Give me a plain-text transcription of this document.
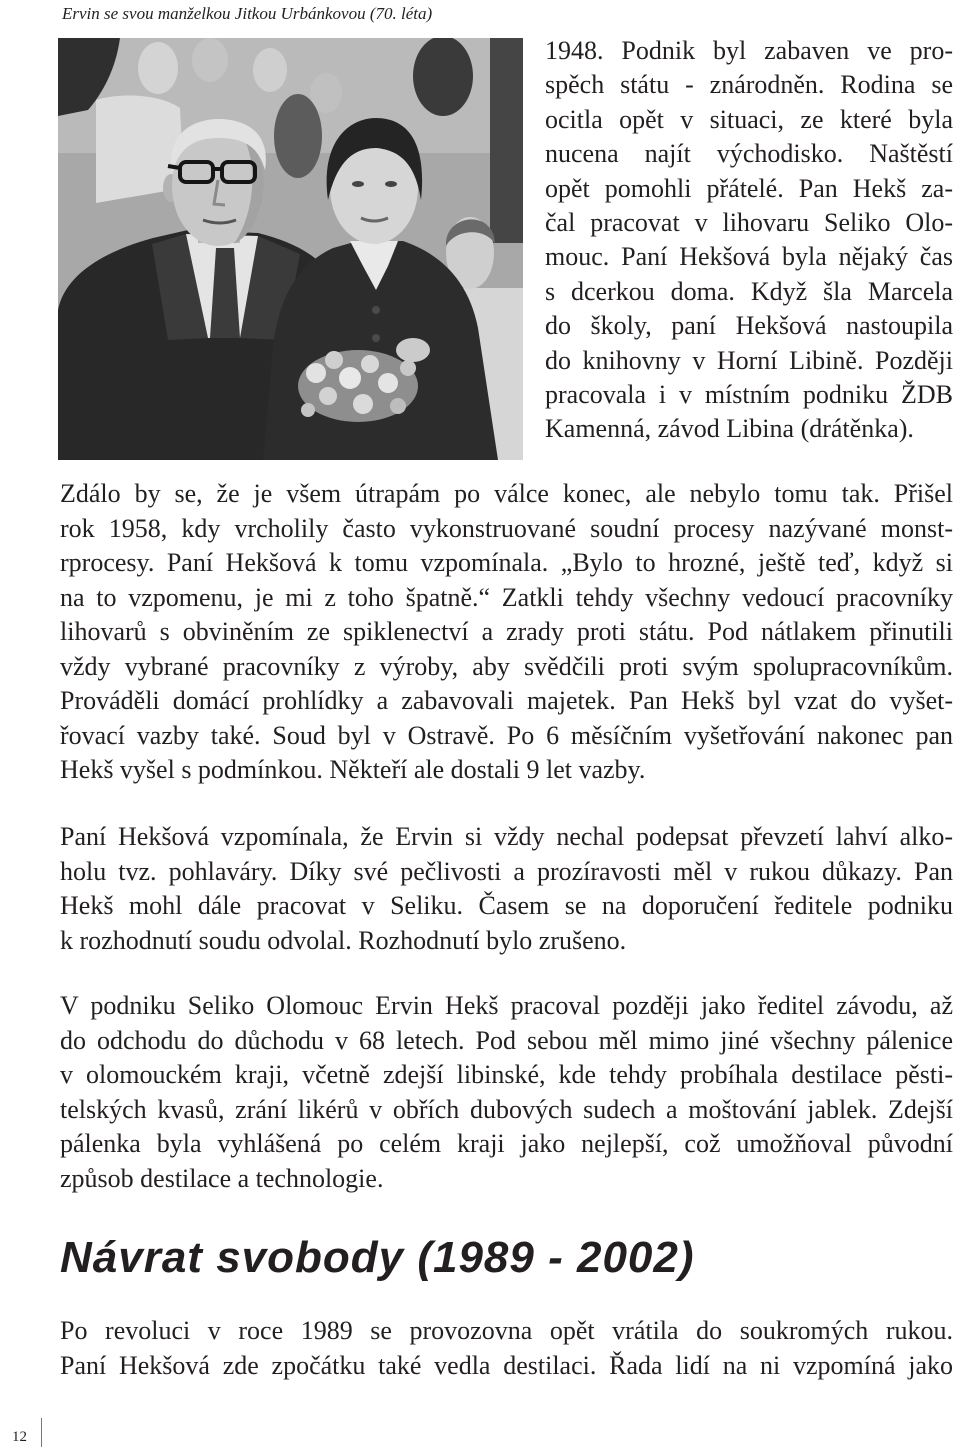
Ervin se svou manželkou Jitkou Urbánkovou (70. léta)
1948. Podnik byl zabaven ve pro-
spěch státu - znárodněn. Rodina se
ocitla opět v situaci, ze které byla
nucena najít východisko. Naštěstí
opět pomohli přátelé. Pan Hekš za-
čal pracovat v lihovaru Seliko Olo-
mouc. Paní Hekšová byla nějaký čas
s dcerkou doma. Když šla Marcela
do školy, paní Hekšová nastoupila
do knihovny v Horní Libině. Později
pracovala i v místním podniku ŽDB
Kamenná, závod Libina (drátěnka).
Zdálo by se, že je všem útrapám po válce konec, ale nebylo tomu tak. Přišel
rok 1958, kdy vrcholily často vykonstruované soudní procesy nazývané monst-
rprocesy. Paní Hekšová k tomu vzpomínala. „Bylo to hrozné, ještě teď, když si
na to vzpomenu, je mi z toho špatně.“ Zatkli tehdy všechny vedoucí pracovníky
lihovarů s obviněním ze spiklenectví a zrady proti státu. Pod nátlakem přinutili
vždy vybrané pracovníky z výroby, aby svědčili proti svým spolupracovníkům.
Prováděli domácí prohlídky a zabavovali majetek. Pan Hekš byl vzat do vyšet-
řovací vazby také. Soud byl v Ostravě. Po 6 měsíčním vyšetřování nakonec pan
Hekš vyšel s podmínkou. Někteří ale dostali 9 let vazby.
Paní Hekšová vzpomínala, že Ervin si vždy nechal podepsat převzetí lahví alko-
holu tvz. pohlaváry. Díky své pečlivosti a prozíravosti měl v rukou důkazy. Pan
Hekš mohl dále pracovat v Seliku. Časem se na doporučení ředitele podniku
k rozhodnutí soudu odvolal. Rozhodnutí bylo zrušeno.
V podniku Seliko Olomouc Ervin Hekš pracoval později jako ředitel závodu, až
do odchodu do důchodu v 68 letech. Pod sebou měl mimo jiné všechny pálenice
v olomouckém kraji, včetně zdejší libinské, kde tehdy probíhala destilace pěsti-
telských kvasů, zrání likérů v obřích dubových sudech a moštování jablek. Zdejší
pálenka byla vyhlášená po celém kraji jako nejlepší, což umožňoval původní
způsob destilace a technologie.
Návrat svobody (1989 - 2002)
Po revoluci v roce 1989 se provozovna opět vrátila do soukromých rukou.
Paní Hekšová zde zpočátku také vedla destilaci. Řada lidí na ni vzpomíná jako
12
